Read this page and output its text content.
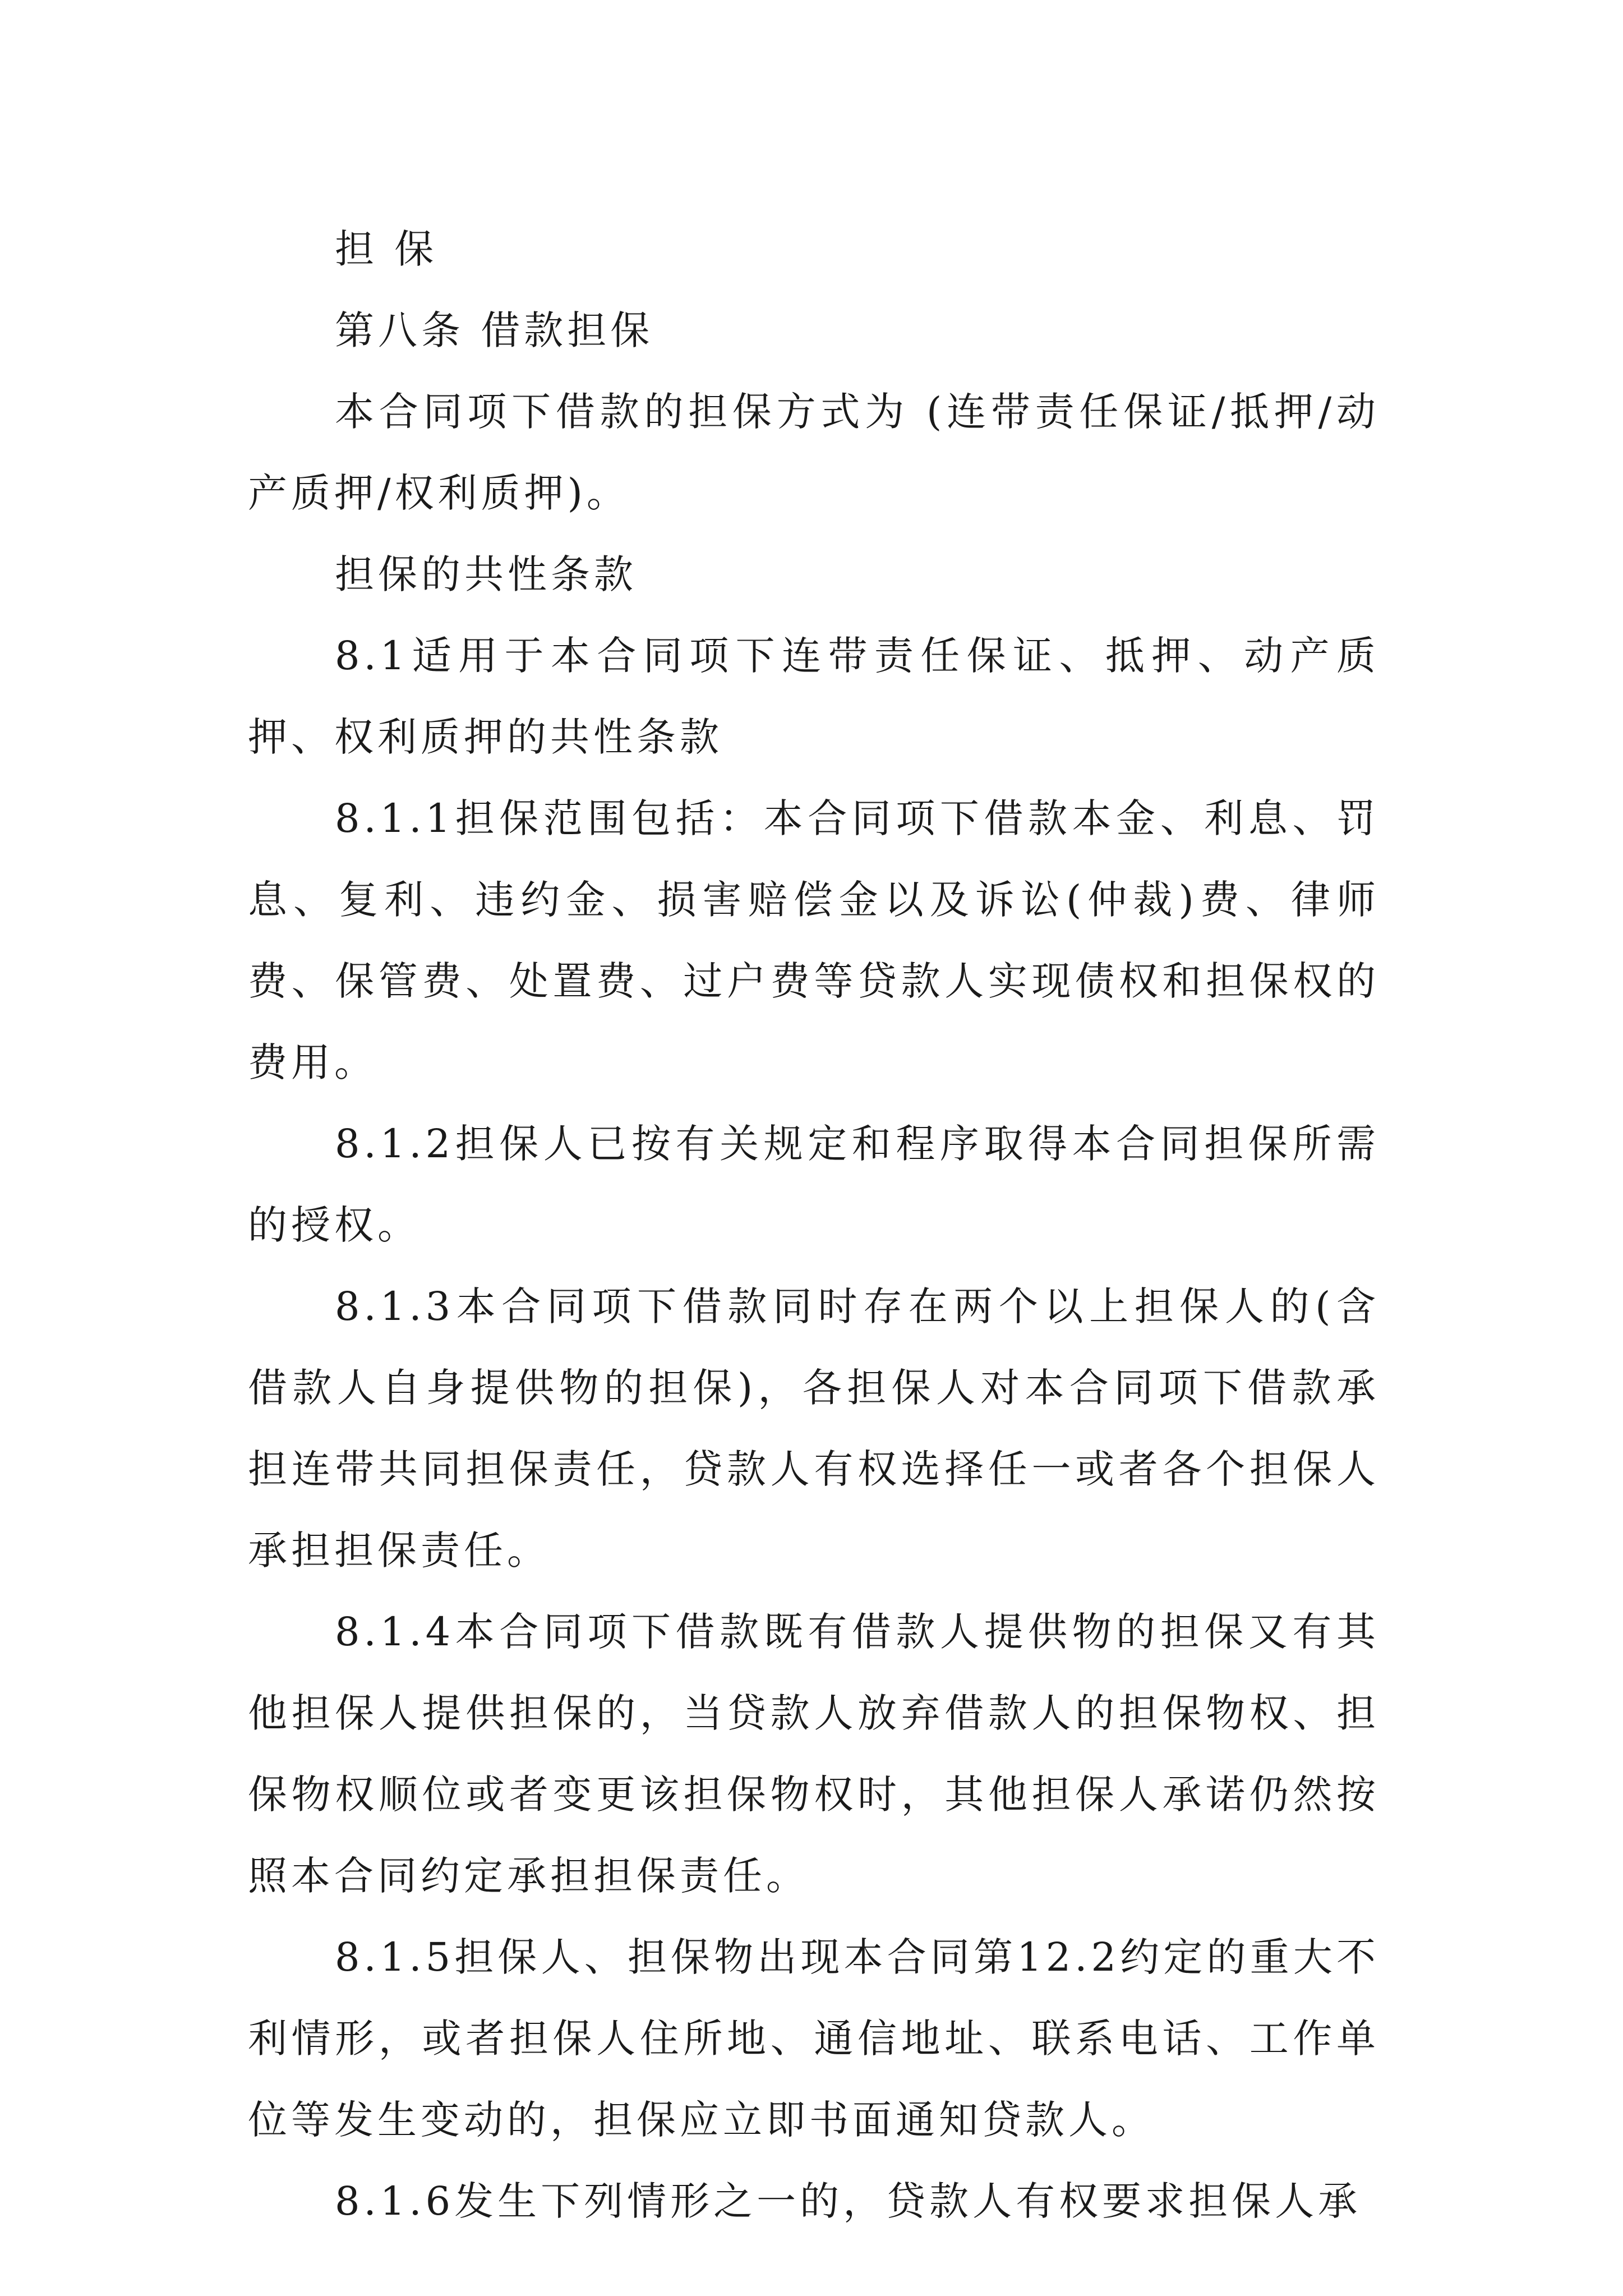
担 保

第八条 借款担保

本合同项下借款的担保方式为 (连带责任保证/抵押/动产质押/权利质押)。

担保的共性条款

8.1适用于本合同项下连带责任保证、抵押、动产质押、权利质押的共性条款

8.1.1担保范围包括：本合同项下借款本金、利息、罚息、复利、违约金、损害赔偿金以及诉讼(仲裁)费、律师费、保管费、处置费、过户费等贷款人实现债权和担保权的费用。

8.1.2担保人已按有关规定和程序取得本合同担保所需的授权。

8.1.3本合同项下借款同时存在两个以上担保人的(含借款人自身提供物的担保)，各担保人对本合同项下借款承担连带共同担保责任，贷款人有权选择任一或者各个担保人承担担保责任。

8.1.4本合同项下借款既有借款人提供物的担保又有其他担保人提供担保的，当贷款人放弃借款人的担保物权、担保物权顺位或者变更该担保物权时，其他担保人承诺仍然按照本合同约定承担担保责任。

8.1.5担保人、担保物出现本合同第12.2约定的重大不利情形，或者担保人住所地、通信地址、联系电话、工作单位等发生变动的，担保应立即书面通知贷款人。

8.1.6发生下列情形之一的，贷款人有权要求担保人承
